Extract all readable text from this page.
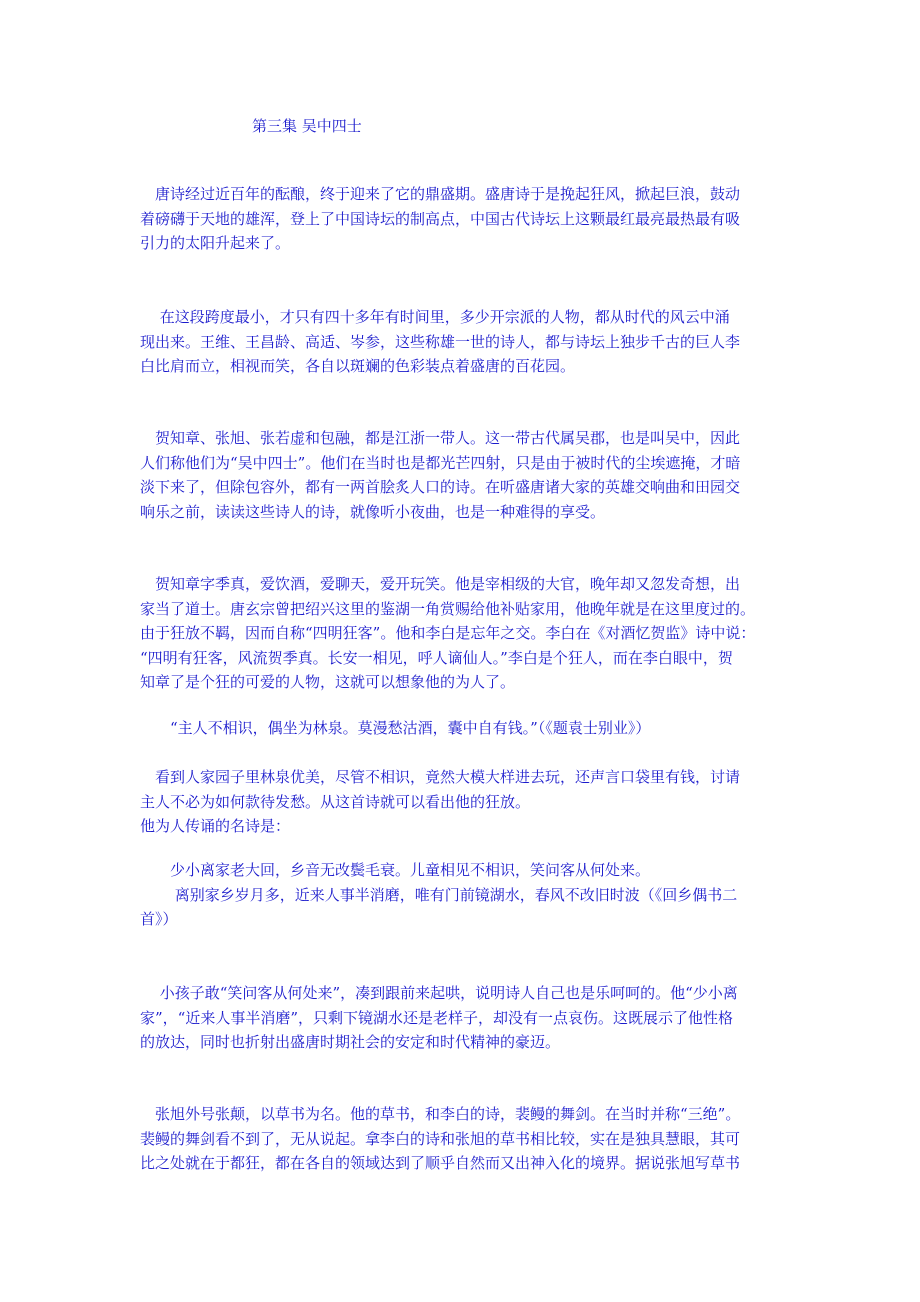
第三集 吴中四士
　唐诗经过近百年的酝酿，终于迎来了它的鼎盛期。盛唐诗于是挽起狂风，掀起巨浪，鼓动
着磅礴于天地的雄浑，登上了中国诗坛的制高点，中国古代诗坛上这颗最红最亮最热最有吸
引力的太阳升起来了。
　 在这段跨度最小，才只有四十多年有时间里，多少开宗派的人物，都从时代的风云中涌
现出来。王维、王昌龄、高适、岑参，这些称雄一世的诗人，都与诗坛上独步千古的巨人李
白比肩而立，相视而笑，各自以斑斓的色彩装点着盛唐的百花园。
　贺知章、张旭、张若虚和包融，都是江浙一带人。这一带古代属吴郡，也是叫吴中，因此
人们称他们为“吴中四士”。他们在当时也是都光芒四射，只是由于被时代的尘埃遮掩，才暗
淡下来了，但除包容外，都有一两首脍炙人口的诗。在听盛唐诸大家的英雄交响曲和田园交
响乐之前，读读这些诗人的诗，就像听小夜曲，也是一种难得的享受。
　贺知章字季真，爱饮酒，爱聊天，爱开玩笑。他是宰相级的大官，晚年却又忽发奇想，出
家当了道士。唐玄宗曾把绍兴这里的鉴湖一角赏赐给他补贴家用，他晚年就是在这里度过的。
由于狂放不羁，因而自称“四明狂客”。他和李白是忘年之交。李白在《对酒忆贺监》诗中说：
“四明有狂客，风流贺季真。长安一相见，呼人谪仙人。”李白是个狂人，而在李白眼中，贺
知章了是个狂的可爱的人物，这就可以想象他的为人了。
　　“主人不相识，偶坐为林泉。莫漫愁沽酒，囊中自有钱。”（《题袁士别业》）
　看到人家园子里林泉优美，尽管不相识，竟然大模大样进去玩，还声言口袋里有钱，讨请
主人不必为如何款待发愁。从这首诗就可以看出他的狂放。
他为人传诵的名诗是：
　　少小离家老大回，乡音无改鬓毛衰。儿童相见不相识，笑问客从何处来。
　　 离别家乡岁月多，近来人事半消磨，唯有门前镜湖水，春风不改旧时波（《回乡偶书二
首》）
　 小孩子敢“笑问客从何处来”，凑到跟前来起哄，说明诗人自己也是乐呵呵的。他“少小离
家”，“近来人事半消磨”，只剩下镜湖水还是老样子，却没有一点哀伤。这既展示了他性格
的放达，同时也折射出盛唐时期社会的安定和时代精神的豪迈。
　张旭外号张颠，以草书为名。他的草书，和李白的诗，裴鳗的舞剑。在当时并称“三绝”。
裴鳗的舞剑看不到了，无从说起。拿李白的诗和张旭的草书相比较，实在是独具慧眼，其可
比之处就在于都狂，都在各自的领域达到了顺乎自然而又出神入化的境界。据说张旭写草书
